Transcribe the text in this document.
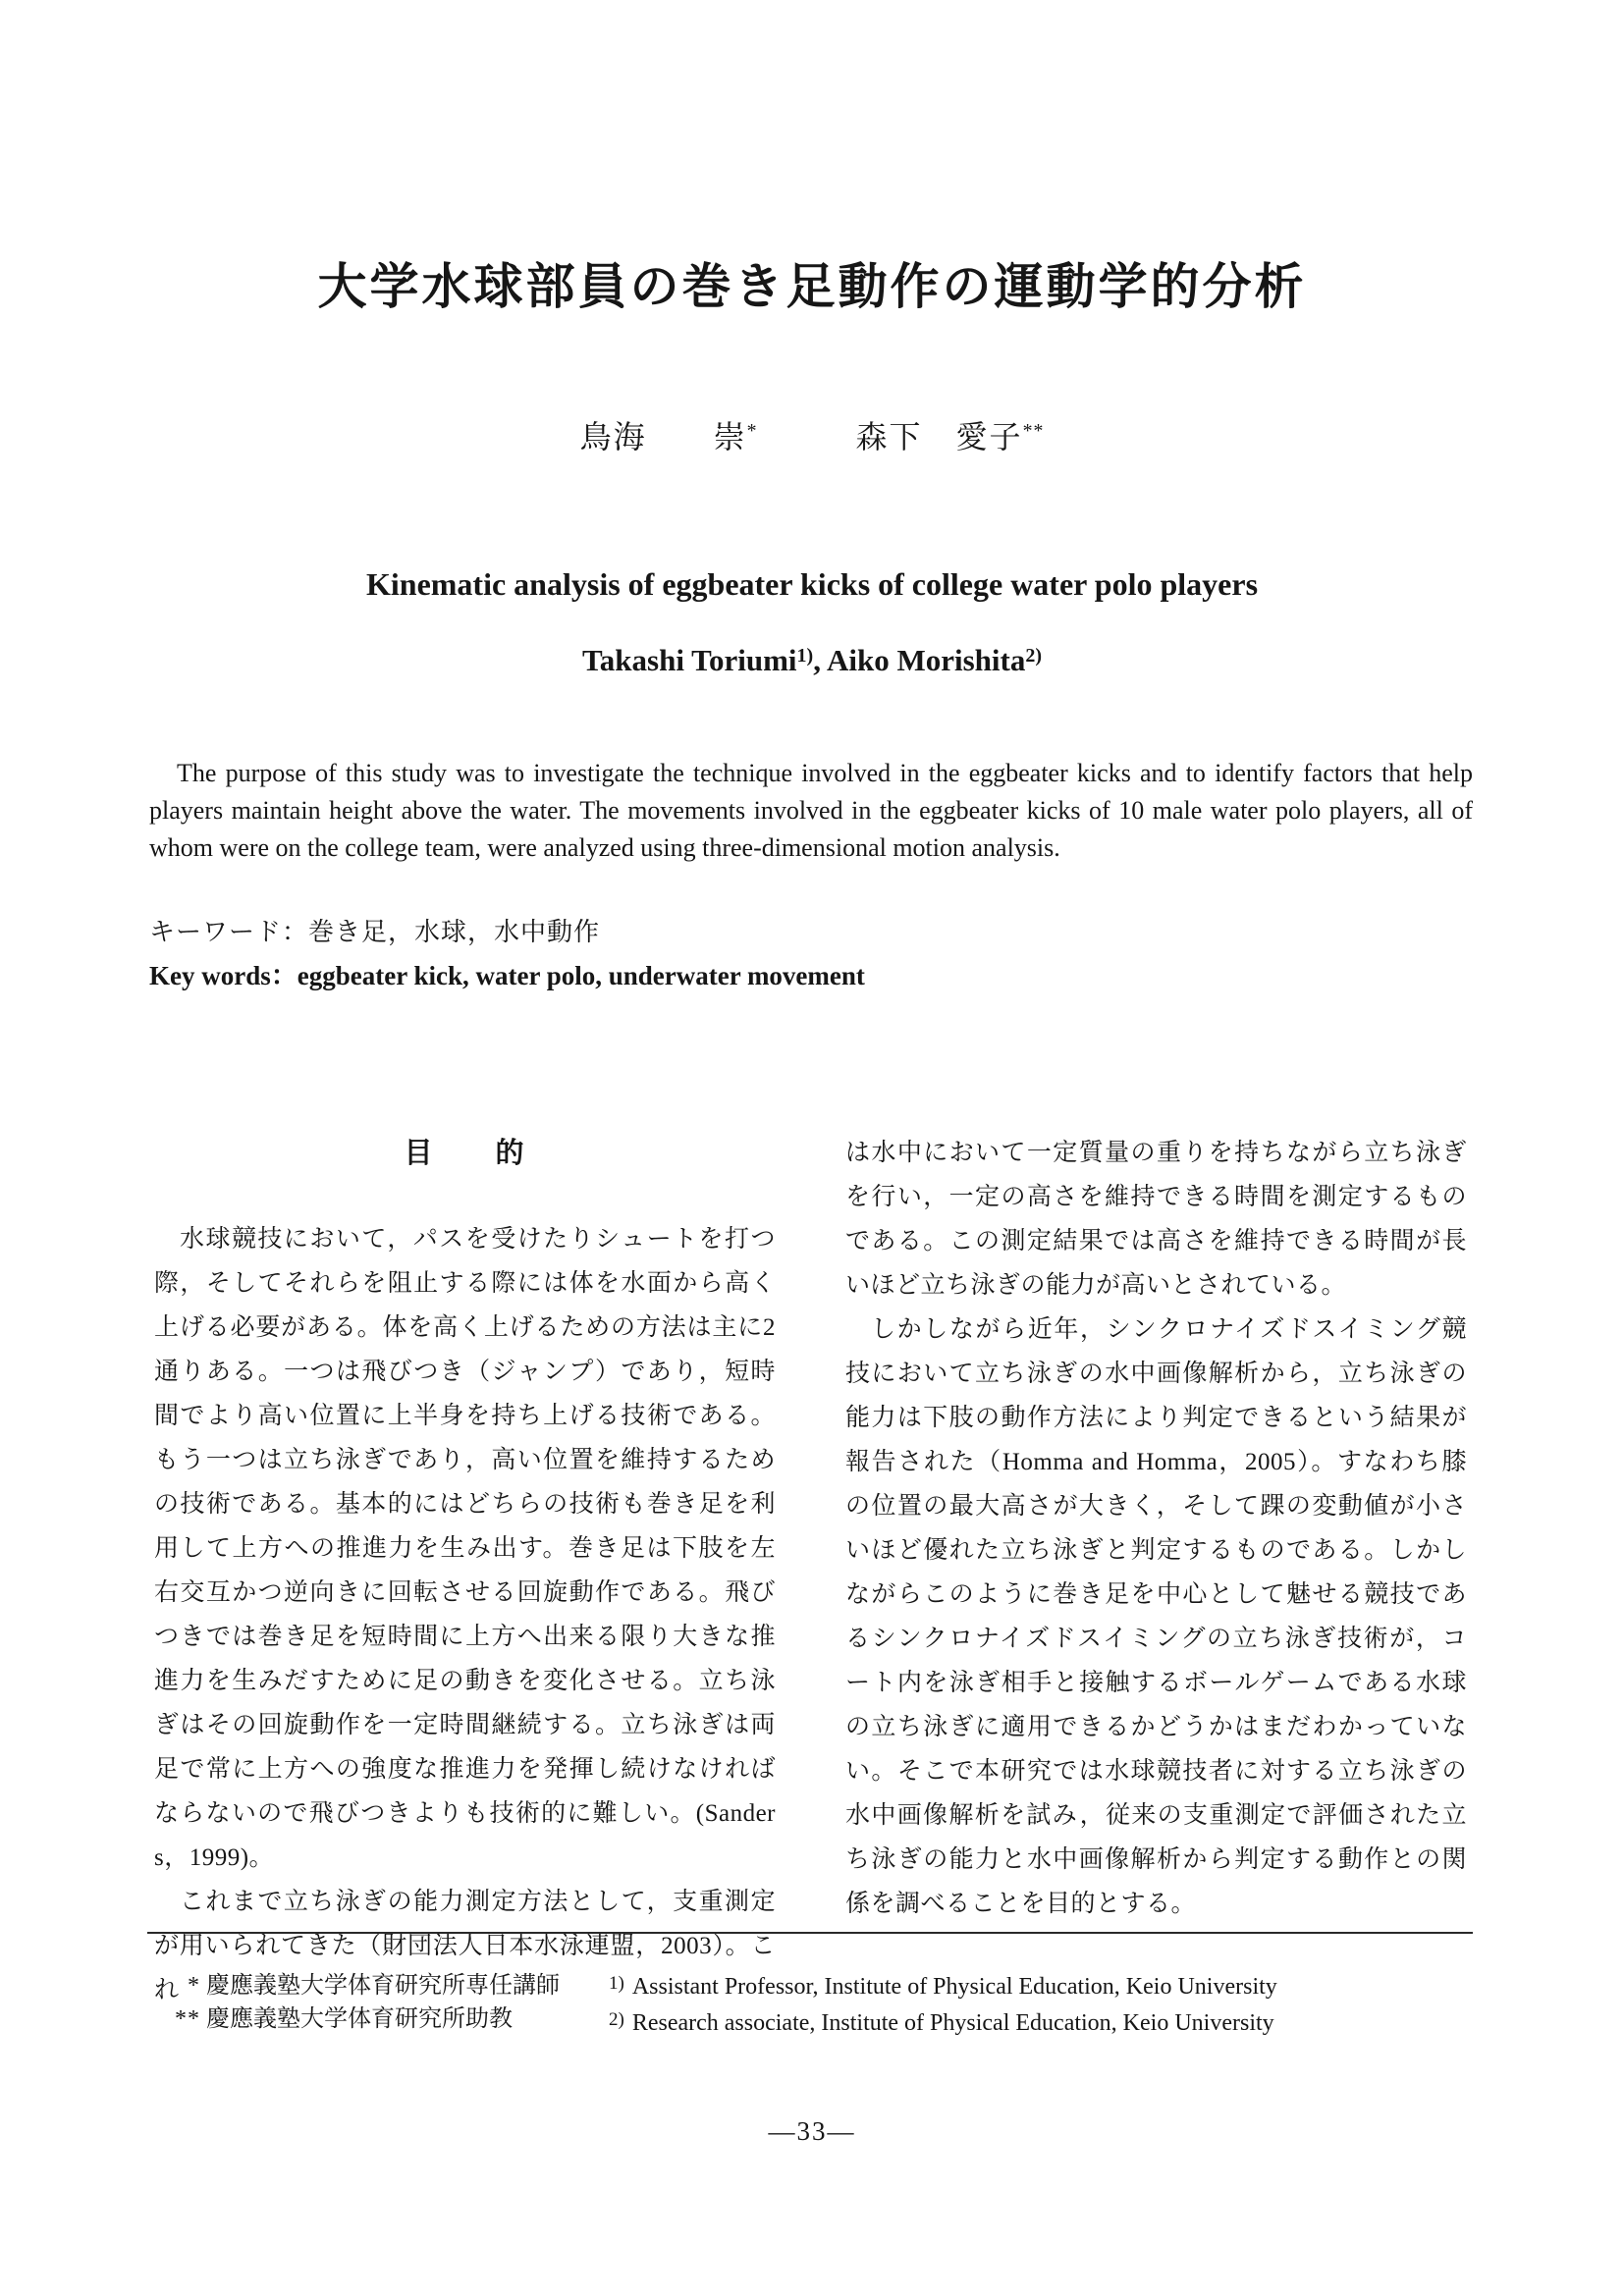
大学水球部員の巻き足動作の運動学的分析
鳥海　　崇*	森下　愛子**
Kinematic analysis of eggbeater kicks of college water polo players
Takashi Toriumi$^{1)}$, Aiko Morishita$^{2)}$
The purpose of this study was to investigate the technique involved in the eggbeater kicks and to identify factors that help players maintain height above the water. The movements involved in the eggbeater kicks of 10 male water polo players, all of whom were on the college team, were analyzed using three-dimensional motion analysis.
キーワード：巻き足，水球，水中動作
Key words：eggbeater kick, water polo, underwater movement
目　　的

水球競技において，パスを受けたりシュートを打つ際，そしてそれらを阻止する際には体を水面から高く上げる必要がある。体を高く上げるための方法は主に2通りある。一つは飛びつき（ジャンプ）であり，短時間でより高い位置に上半身を持ち上げる技術である。もう一つは立ち泳ぎであり，高い位置を維持するための技術である。基本的にはどちらの技術も巻き足を利用して上方への推進力を生み出す。巻き足は下肢を左右交互かつ逆向きに回転させる回旋動作である。飛びつきでは巻き足を短時間に上方へ出来る限り大きな推進力を生みだすために足の動きを変化させる。立ち泳ぎはその回旋動作を一定時間継続する。立ち泳ぎは両足で常に上方への強度な推進力を発揮し続けなければならないので飛びつきよりも技術的に難しい。(Sanders，1999)。

これまで立ち泳ぎの能力測定方法として，支重測定が用いられてきた（財団法人日本水泳連盟，2003）。これ

は水中において一定質量の重りを持ちながら立ち泳ぎを行い，一定の高さを維持できる時間を測定するものである。この測定結果では高さを維持できる時間が長いほど立ち泳ぎの能力が高いとされている。

しかしながら近年，シンクロナイズドスイミング競技において立ち泳ぎの水中画像解析から，立ち泳ぎの能力は下肢の動作方法により判定できるという結果が報告された（Homma and Homma，2005）。すなわち膝の位置の最大高さが大きく，そして踝の変動値が小さいほど優れた立ち泳ぎと判定するものである。しかしながらこのように巻き足を中心として魅せる競技であるシンクロナイズドスイミングの立ち泳ぎ技術が，コート内を泳ぎ相手と接触するボールゲームである水球の立ち泳ぎに適用できるかどうかはまだわかっていない。そこで本研究では水球競技者に対する立ち泳ぎの水中画像解析を試み，従来の支重測定で評価された立ち泳ぎの能力と水中画像解析から判定する動作との関係を調べることを目的とする。

* 慶應義塾大学体育研究所専任講師
** 慶應義塾大学体育研究所助教
$^{1)}$ Assistant Professor, Institute of Physical Education, Keio University
$^{2)}$ Research associate, Institute of Physical Education, Keio University
—33—
